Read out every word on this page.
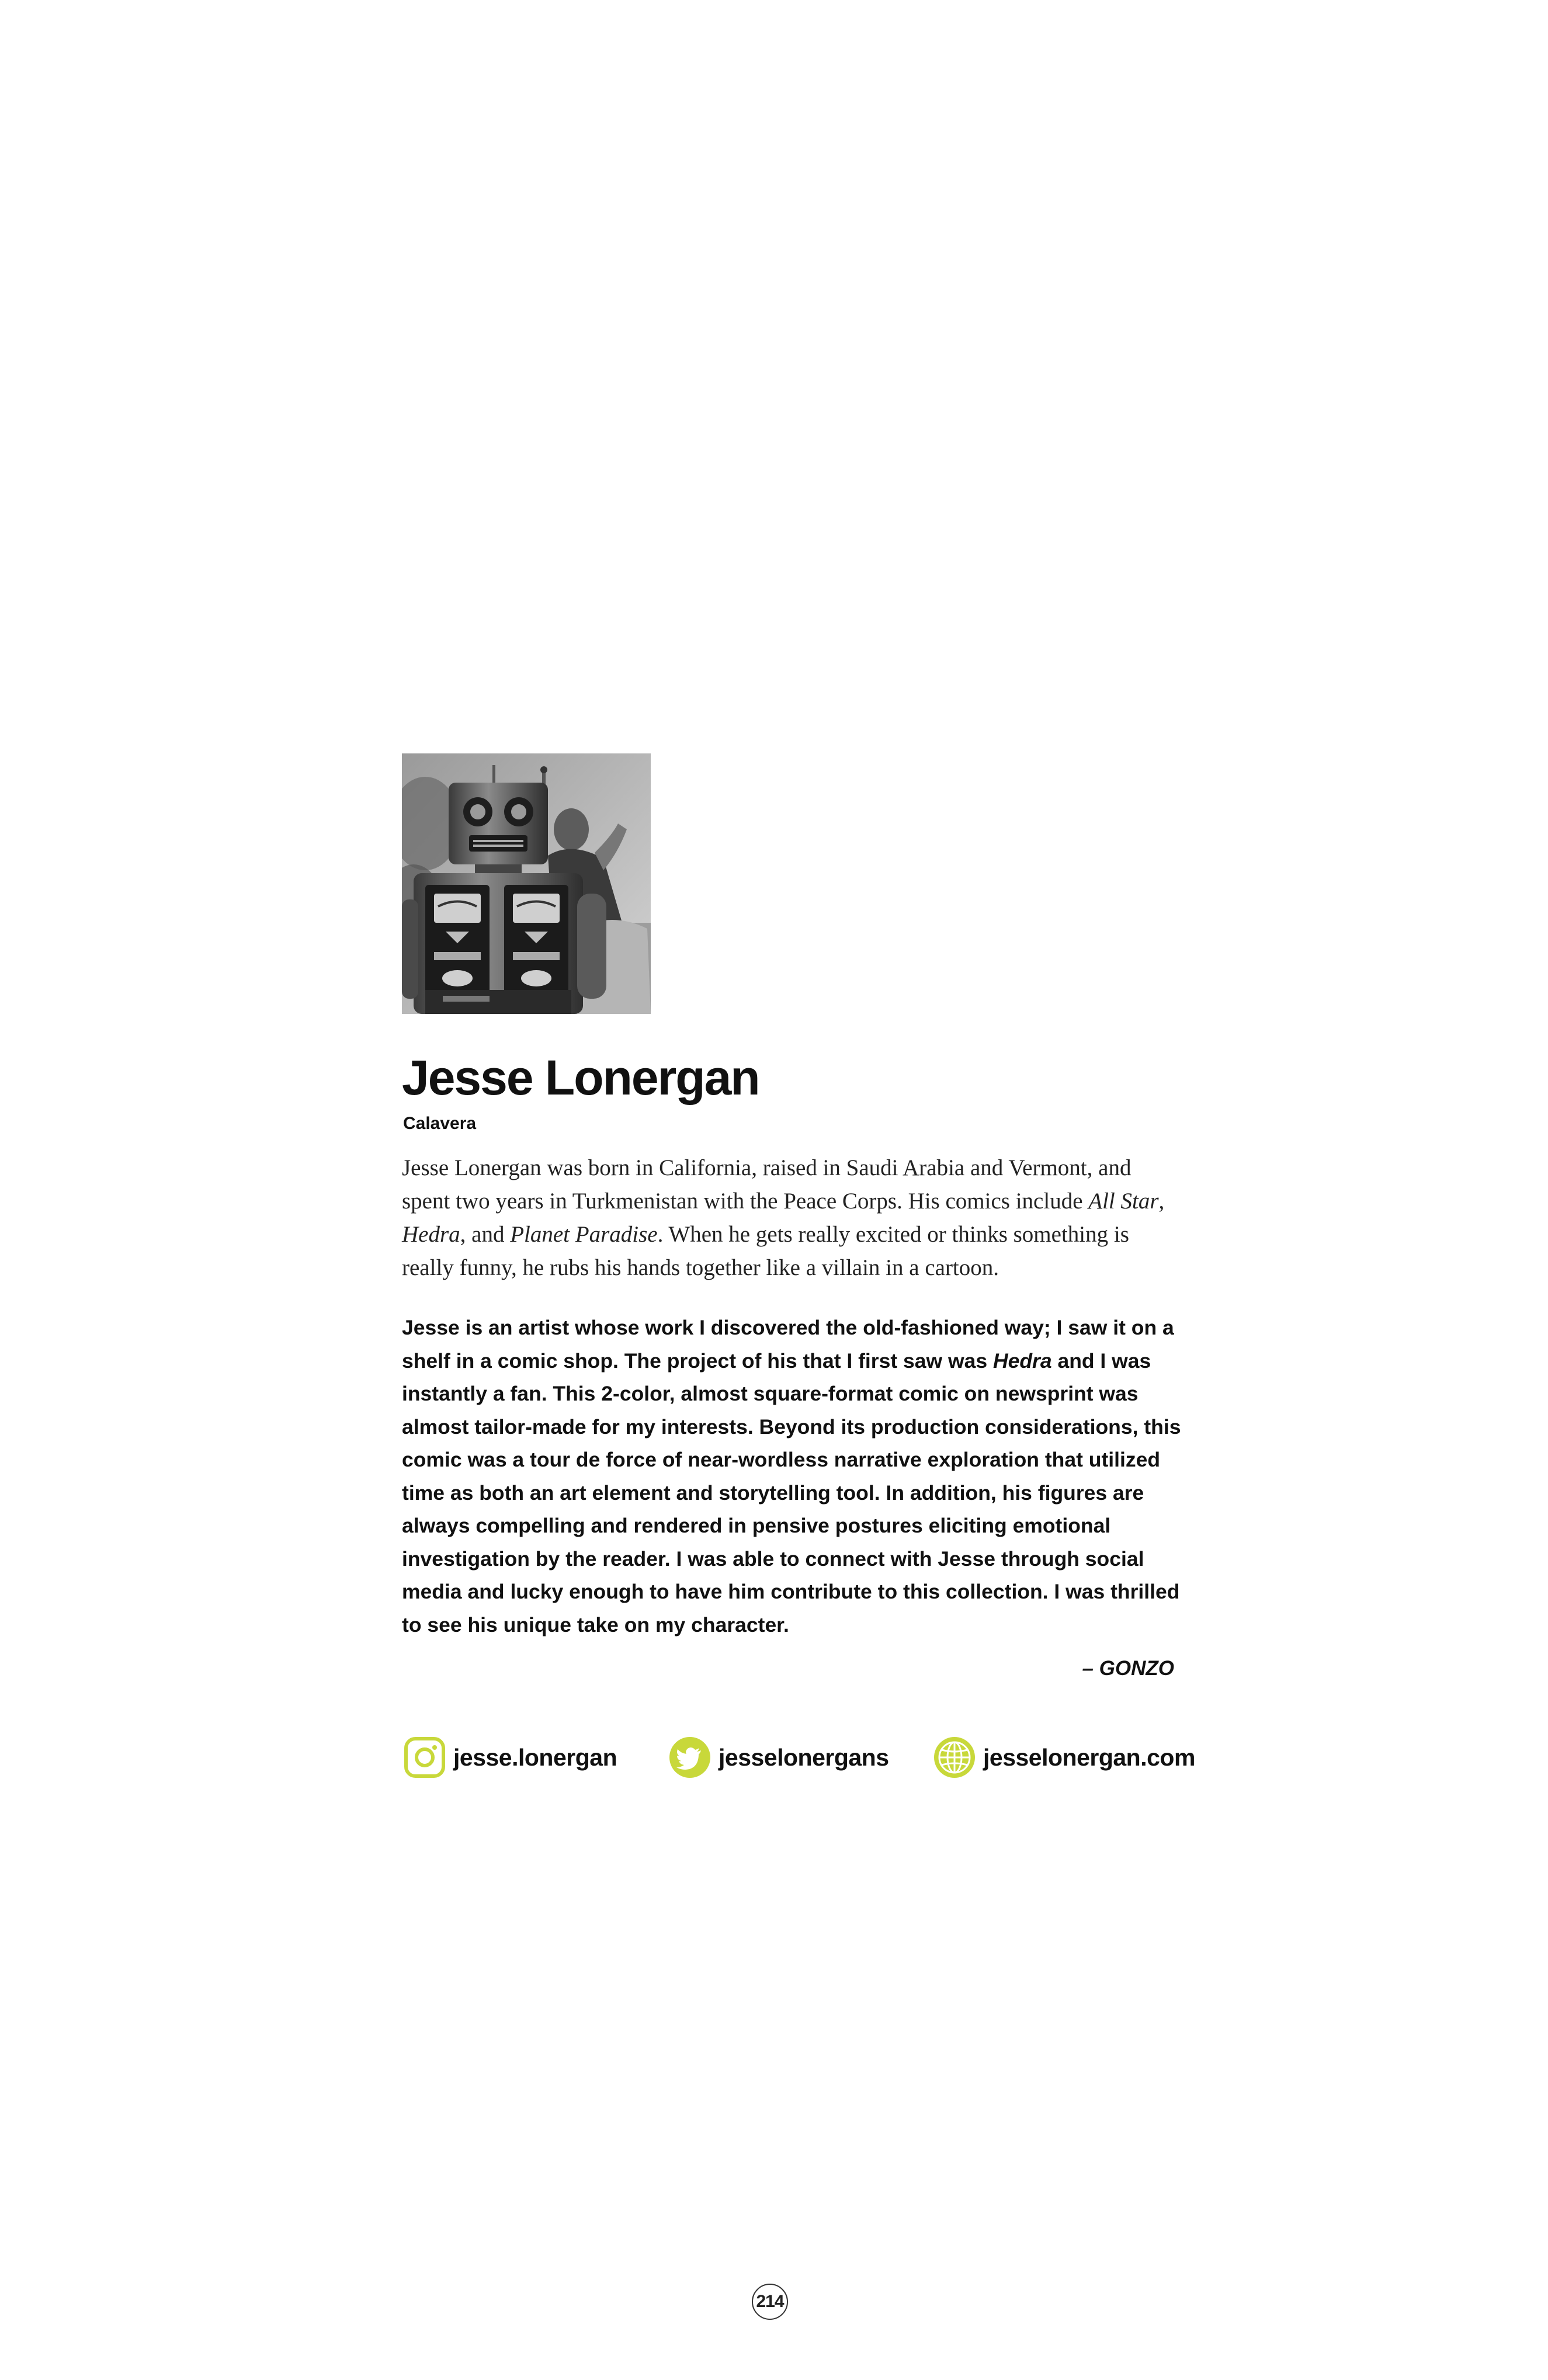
Jesse Lonergan
Calavera

Jesse Lonergan was born in California, raised in Saudi Arabia and Vermont, and spent two years in Turkmenistan with the Peace Corps. His comics include All Star, Hedra, and Planet Paradise. When he gets really excited or thinks something is really funny, he rubs his hands together like a villain in a cartoon.

Jesse is an artist whose work I discovered the old-fashioned way; I saw it on a shelf in a comic shop. The project of his that I first saw was Hedra and I was instantly a fan. This 2-color, almost square-format comic on newsprint was almost tailor-made for my interests. Beyond its production considerations, this comic was a tour de force of near-wordless narrative exploration that utilized time as both an art element and storytelling tool. In addition, his figures are always compelling and rendered in pensive postures eliciting emotional investigation by the reader. I was able to connect with Jesse through social media and lucky enough to have him contribute to this collection. I was thrilled to see his unique take on my character.

– GONZO
jesse.lonergan	jesselonergans	jesselonergan.com
214
